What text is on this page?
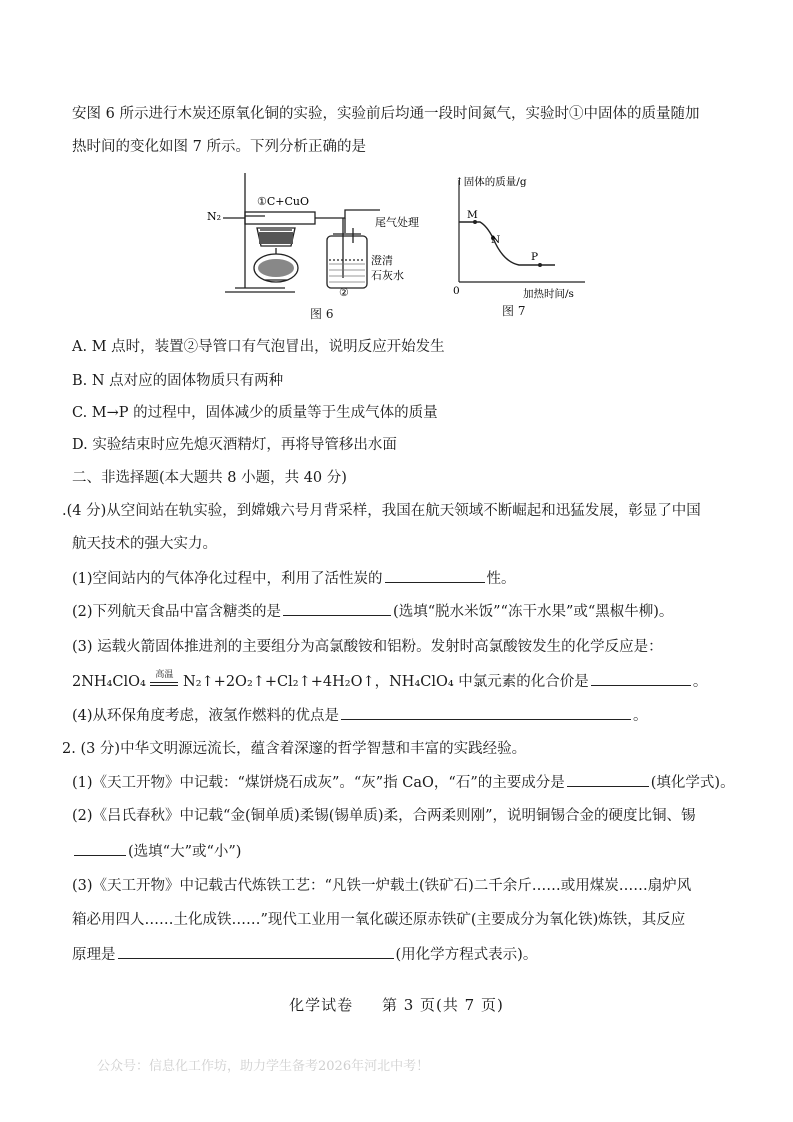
安图 6 所示进行木炭还原氧化铜的实验，实验前后均通一段时间氮气，实验时①中固体的质量随加
热时间的变化如图 7 所示。下列分析正确的是
N₂
①C+CuO
尾气处理
澄清
石灰水
②
图 6
↑固体的质量/g
M
N
P
0	加热时间/s
图 7
A. M 点时，装置②导管口有气泡冒出，说明反应开始发生
B. N 点对应的固体物质只有两种
C. M→P 的过程中，固体减少的质量等于生成气体的质量
D. 实验结束时应先熄灭酒精灯，再将导管移出水面
二、非选择题(本大题共 8 小题，共 40 分)
.(4 分)从空间站在轨实验，到嫦娥六号月背采样，我国在航天领域不断崛起和迅猛发展，彰显了中国
航天技术的强大实力。
(1)空间站内的气体净化过程中，利用了活性炭的	性。
(2)下列航天食品中富含糖类的是	(选填“脱水米饭”“冻干水果”或“黑椒牛柳)。
(3) 运载火箭固体推进剂的主要组分为高氯酸铵和铝粉。发射时高氯酸铵发生的化学反应是：
2NH₄ClO₄	高温 N₂↑+2O₂↑+Cl₂↑+4H₂O↑，NH₄ClO₄ 中氯元素的化合价是	。
(4)从环保角度考虑，液氢作燃料的优点是	。
2. (3 分)中华文明源远流长，蕴含着深邃的哲学智慧和丰富的实践经验。
(1)《天工开物》中记载：“煤饼烧石成灰”。“灰”指 CaO，“石”的主要成分是	(填化学式)。
(2)《吕氏春秋》中记载“金(铜单质)柔锡(锡单质)柔，合两柔则刚”，说明铜锡合金的硬度比铜、锡
(选填“大”或“小”)
(3)《天工开物》中记载古代炼铁工艺：“凡铁一炉载土(铁矿石)二千余斤……或用煤炭……扇炉风
箱必用四人……土化成铁……”现代工业用一氧化碳还原赤铁矿(主要成分为氧化铁)炼铁，其反应
原理是	(用化学方程式表示)。
化学试卷     第 3 页(共 7 页)
公众号：信息化工作坊，助力学生备考2026年河北中考！
